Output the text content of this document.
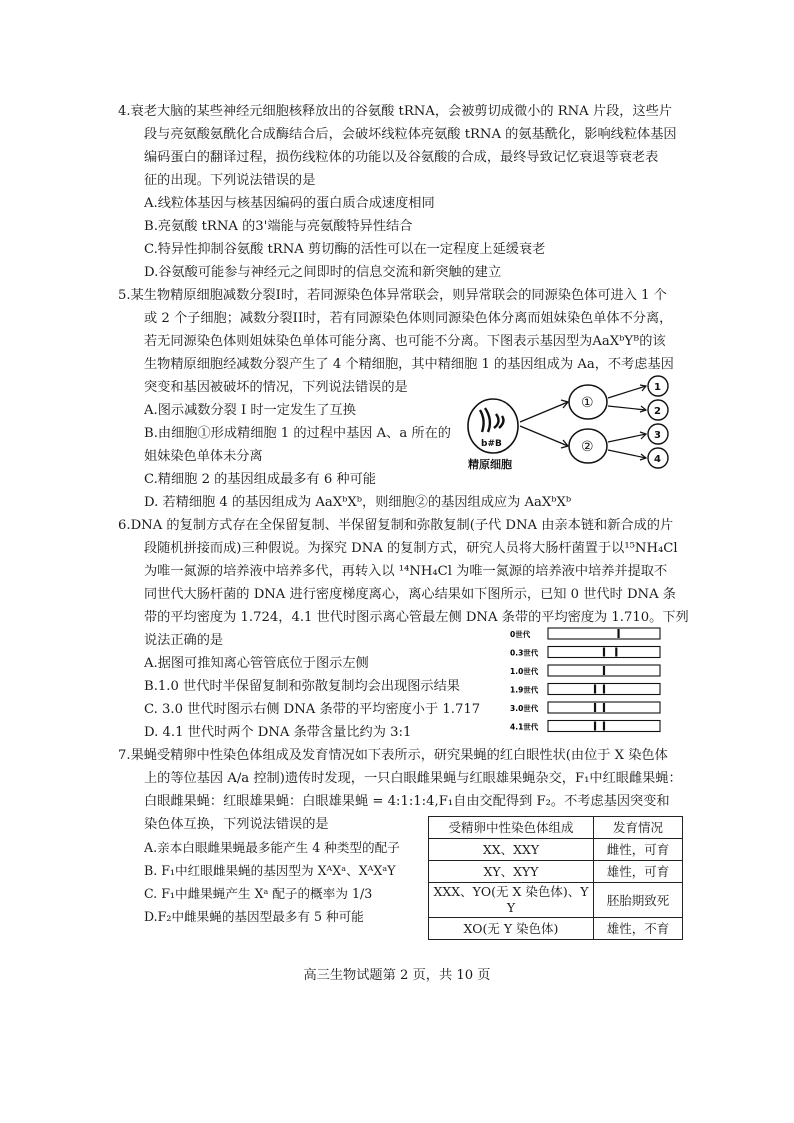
4.衰老大脑的某些神经元细胞核释放出的谷氨酸 tRNA，会被剪切成微小的 RNA 片段，这些片
段与亮氨酸氨酰化合成酶结合后，会破坏线粒体亮氨酸 tRNA 的氨基酰化，影响线粒体基因
编码蛋白的翻译过程，损伤线粒体的功能以及谷氨酸的合成，最终导致记忆衰退等衰老表
征的出现。下列说法错误的是
A.线粒体基因与核基因编码的蛋白质合成速度相同
B.亮氨酸 tRNA 的3'端能与亮氨酸特异性结合
C.特异性抑制谷氨酸 tRNA 剪切酶的活性可以在一定程度上延缓衰老
D.谷氨酸可能参与神经元之间即时的信息交流和新突触的建立
5.某生物精原细胞减数分裂I时，若同源染色体异常联会，则异常联会的同源染色体可进入 1 个
或 2 个子细胞；减数分裂II时，若有同源染色体则同源染色体分离而姐妹染色单体不分离，
若无同源染色体则姐妹染色单体可能分离、也可能不分离。下图表示基因型为AaXᵇYᴮ的该
生物精原细胞经减数分裂产生了 4 个精细胞，其中精细胞 1 的基因组成为 Aa，不考虑基因
突变和基因被破坏的情况，下列说法错误的是
A.图示减数分裂 I 时一定发生了互换
B.由细胞①形成精细胞 1 的过程中基因 A、a 所在的
姐妹染色单体未分离
C.精细胞 2 的基因组成最多有 6 种可能
D. 若精细胞 4 的基因组成为 AaXᵇXᵇ，则细胞②的基因组成应为 AaXᵇXᵇ
b#B
精原细胞
①
②
1
2
3
4
6.DNA 的复制方式存在全保留复制、半保留复制和弥散复制(子代 DNA 由亲本链和新合成的片
段随机拼接而成)三种假说。为探究 DNA 的复制方式，研究人员将大肠杆菌置于以¹⁵NH₄Cl
为唯一氮源的培养液中培养多代，再转入以 ¹⁴NH₄Cl 为唯一氮源的培养液中培养并提取不
同世代大肠杆菌的 DNA 进行密度梯度离心，离心结果如下图所示，已知 0 世代时 DNA 条
带的平均密度为 1.724，4.1 世代时图示离心管最左侧 DNA 条带的平均密度为 1.710。下列
说法正确的是
A.据图可推知离心管管底位于图示左侧
B.1.0 世代时半保留复制和弥散复制均会出现图示结果
C. 3.0 世代时图示右侧 DNA 条带的平均密度小于 1.717
D. 4.1 世代时两个 DNA 条带含量比约为 3:1
0世代
0.3世代
1.0世代
1.9世代
3.0世代
4.1世代
7.果蝇受精卵中性染色体组成及发育情况如下表所示，研究果蝇的红白眼性状(由位于 X 染色体
上的等位基因 A/a 控制)遗传时发现，一只白眼雌果蝇与红眼雄果蝇杂交，F₁中红眼雌果蝇：
白眼雌果蝇：红眼雄果蝇：白眼雄果蝇 = 4:1:1:4,F₁自由交配得到 F₂。不考虑基因突变和
染色体互换，下列说法错误的是
A.亲本白眼雌果蝇最多能产生 4 种类型的配子
B. F₁中红眼雌果蝇的基因型为 XᴬXᵃ、XᴬXᵃY
C. F₁中雌果蝇产生 Xᵃ 配子的概率为 1/3
D.F₂中雌果蝇的基因型最多有 5 种可能
受精卵中性染色体组成	发育情况
XX、XXY	雌性，可育
XY、XYY	雄性，可育
XXX、YO(无 X 染色体)、Y
Y	胚胎期致死
XO(无 Y 染色体)	雄性，不育
高三生物试题第 2 页，共 10 页
